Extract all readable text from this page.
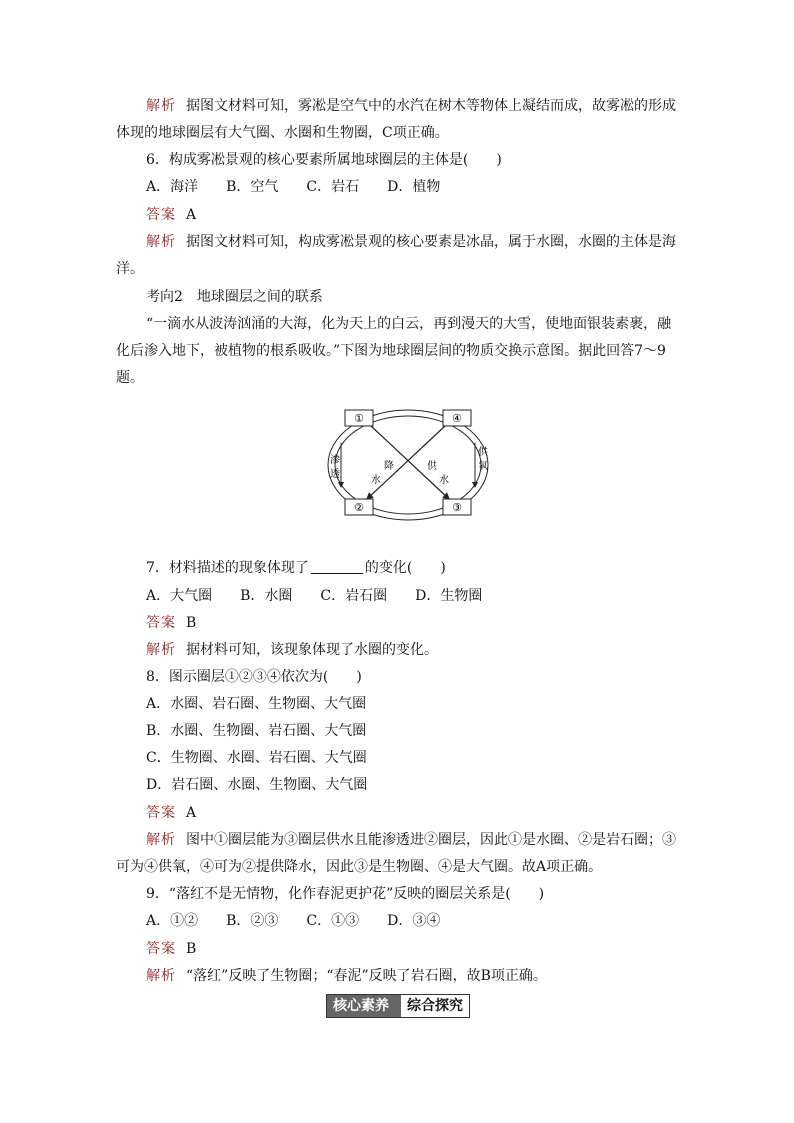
解析 据图文材料可知，雾凇是空气中的水汽在树木等物体上凝结而成，故雾凇的形成
体现的地球圈层有大气圈、水圈和生物圈，C项正确。
6．构成雾凇景观的核心要素所属地球圈层的主体是(　　)
A．海洋　　B．空气　　C．岩石　　D．植物
答案 A
解析 据图文材料可知，构成雾凇景观的核心要素是冰晶，属于水圈，水圈的主体是海
洋。
考向2　地球圈层之间的联系
“一滴水从波涛汹涌的大海，化为天上的白云，再到漫天的大雪，使地面银装素裹，融
化后渗入地下，被植物的根系吸收。”下图为地球圈层间的物质交换示意图。据此回答7～9
题。
①	④
②	③
渗
透
供
氧
水
降	供
水
7．材料描述的现象体现了	的变化(　　)
A．大气圈　　B．水圈　　C．岩石圈　　D．生物圈
答案 B
解析 据材料可知，该现象体现了水圈的变化。
8．图示圈层①②③④依次为(　　)
A．水圈、岩石圈、生物圈、大气圈
B．水圈、生物圈、岩石圈、大气圈
C．生物圈、水圈、岩石圈、大气圈
D．岩石圈、水圈、生物圈、大气圈
答案 A
解析 图中①圈层能为③圈层供水且能渗透进②圈层，因此①是水圈、②是岩石圈；③
可为④供氧，④可为②提供降水，因此③是生物圈、④是大气圈。故A项正确。
9．“落红不是无情物，化作春泥更护花”反映的圈层关系是(　　)
A．①②　　B．②③　　C．①③　　D．③④
答案 B
解析 “落红”反映了生物圈；“春泥”反映了岩石圈，故B项正确。
核心素养	综合探究
